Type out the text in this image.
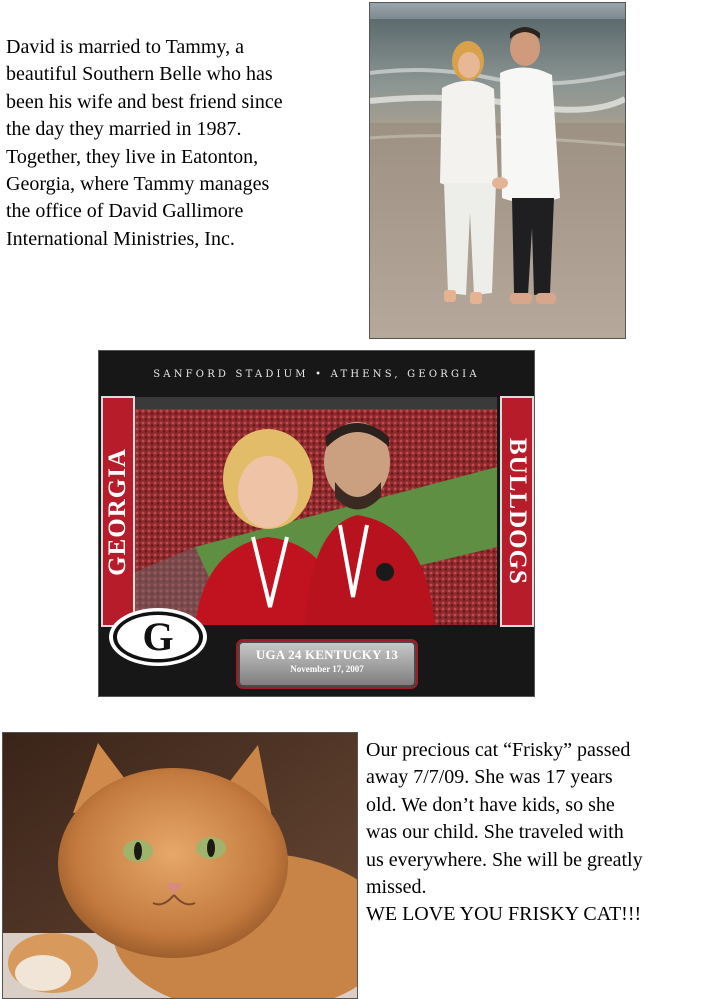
David is married to Tammy, a
beautiful Southern Belle who has
been his wife and best friend since
the day they married in 1987.
Together, they live in Eatonton,
Georgia, where Tammy manages
the office of David Gallimore
International Ministries, Inc.
SANFORD STADIUM • ATHENS, GEORGIA
GEORGIA	BULLDOGS
G	UGA 24 KENTUCKY 13
November 17, 2007
Our precious cat “Frisky” passed
away 7/7/09. She was 17 years
old. We don’t have kids, so she
was our child. She traveled with
us everywhere. She will be greatly
missed.
WE LOVE YOU FRISKY CAT!!!
